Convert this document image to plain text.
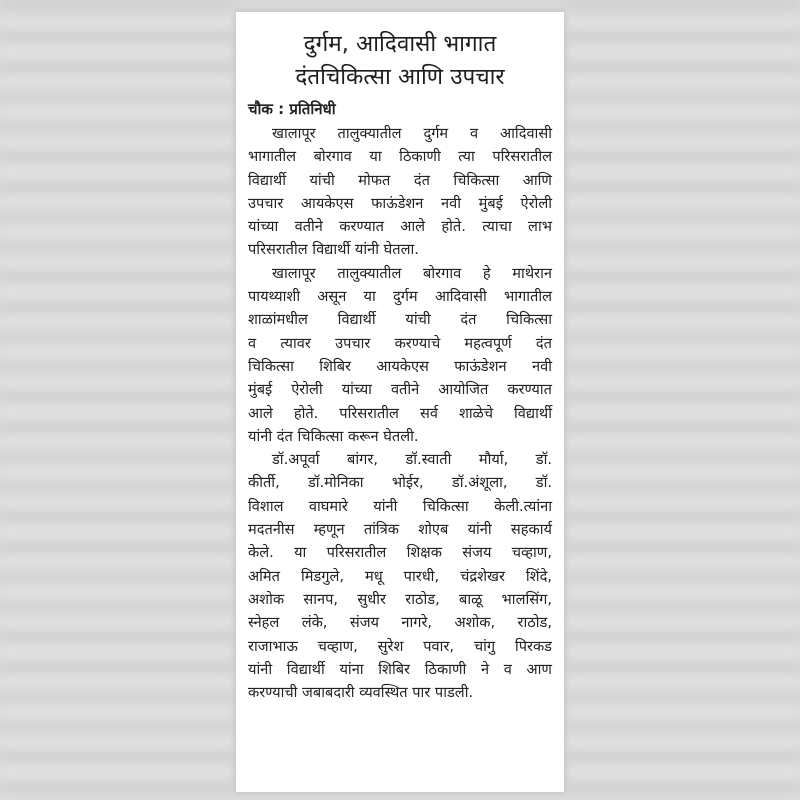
दुर्गम, आदिवासी भागात
दंतचिकित्सा आणि उपचार
चौक : प्रतिनिधी
खालापूर तालुक्यातील दुर्गम व आदिवासी
भागातील बोरगाव या ठिकाणी त्या परिसरातील
विद्यार्थी यांची मोफत दंत चिकित्सा आणि
उपचार आयकेएस फाऊंडेशन नवी मुंबई ऐरोली
यांच्या वतीने करण्यात आले होते. त्याचा लाभ
परिसरातील विद्यार्थी यांनी घेतला.
खालापूर तालुक्यातील बोरगाव हे माथेरान
पायथ्याशी असून या दुर्गम आदिवासी भागातील
शाळांमधील विद्यार्थी यांची दंत चिकित्सा
व त्यावर उपचार करण्याचे महत्वपूर्ण दंत
चिकित्सा शिबिर आयकेएस फाऊंडेशन नवी
मुंबई ऐरोली यांच्या वतीने आयोजित करण्यात
आले होते. परिसरातील सर्व शाळेचे विद्यार्थी
यांनी दंत चिकित्सा करून घेतली.
डॉ.अपूर्वा बांगर, डॉ.स्वाती मौर्या, डॉ.
कीर्ती, डॉ.मोनिका भोईर, डॉ.अंशूला, डॉ.
विशाल वाघमारे यांनी चिकित्सा केली.त्यांना
मदतनीस म्हणून तांत्रिक शोएब यांनी सहकार्य
केले. या परिसरातील शिक्षक संजय चव्हाण,
अमित मिडगुले, मधू पारधी, चंद्रशेखर शिंदे,
अशोक सानप, सुधीर राठोड, बाळू भालसिंग,
स्नेहल लंके, संजय नागरे, अशोक, राठोड,
राजाभाऊ चव्हाण, सुरेश पवार, चांगु पिरकड
यांनी विद्यार्थी यांना शिबिर ठिकाणी ने व आण
करण्याची जबाबदारी व्यवस्थित पार पाडली.
